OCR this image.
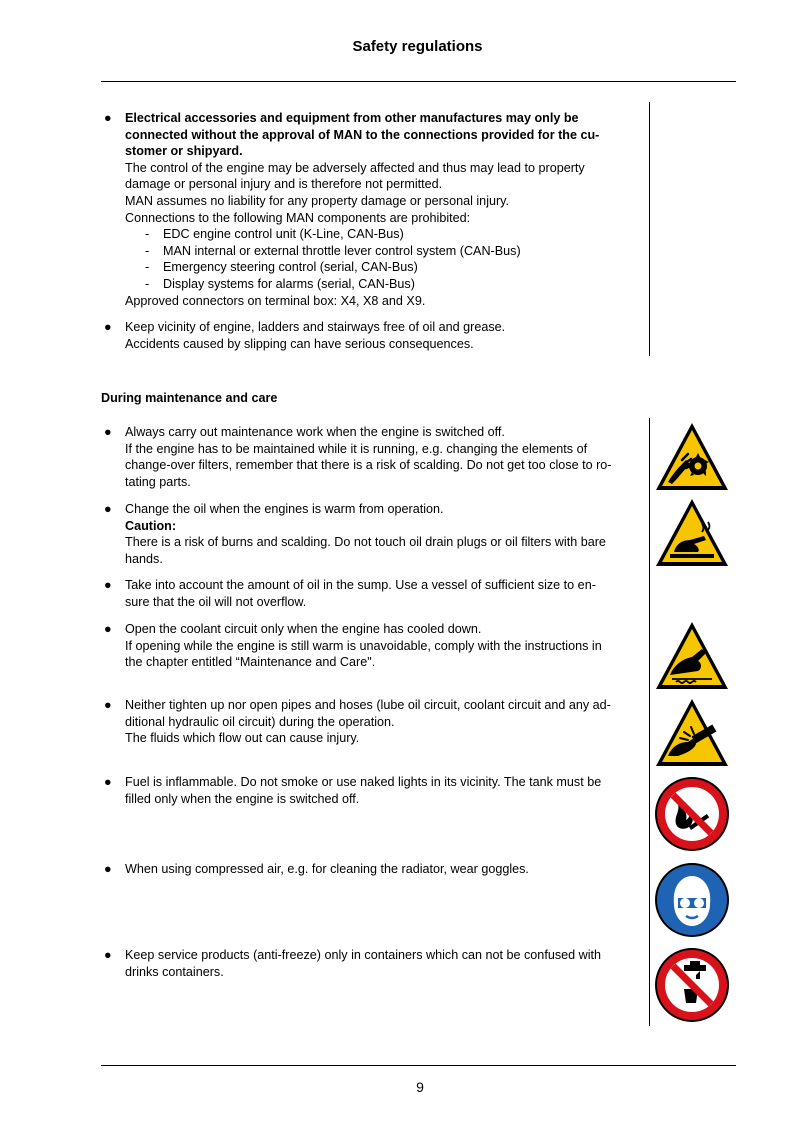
Safety regulations
● Electrical accessories and equipment from other manufactures may only be
connected without the approval of MAN to the connections provided for the cu-
stomer or shipyard.
The control of the engine may be adversely affected and thus may lead to property
damage or personal injury and is therefore not permitted.
MAN assumes no liability for any property damage or personal injury.
Connections to the following MAN components are prohibited:
- EDC engine control unit (K-Line, CAN-Bus)
- MAN internal or external throttle lever control system (CAN-Bus)
- Emergency steering control (serial, CAN-Bus)
- Display systems for alarms (serial, CAN-Bus)
Approved connectors on terminal box: X4, X8 and X9.
● Keep vicinity of engine, ladders and stairways free of oil and grease.
Accidents caused by slipping can have serious consequences.
During maintenance and care
● Always carry out maintenance work when the engine is switched off.
If the engine has to be maintained while it is running, e.g. changing the elements of
change-over filters, remember that there is a risk of scalding. Do not get too close to ro-
tating parts.
● Change the oil when the engines is warm from operation.
Caution:
There is a risk of burns and scalding. Do not touch oil drain plugs or oil filters with bare
hands.
● Take into account the amount of oil in the sump. Use a vessel of sufficient size to en-
sure that the oil will not overflow.
● Open the coolant circuit only when the engine has cooled down.
If opening while the engine is still warm is unavoidable, comply with the instructions in
the chapter entitled “Maintenance and Care".
● Neither tighten up nor open pipes and hoses (lube oil circuit, coolant circuit and any ad-
ditional hydraulic oil circuit) during the operation.
The fluids which flow out can cause injury.
● Fuel is inflammable. Do not smoke or use naked lights in its vicinity. The tank must be
filled only when the engine is switched off.
● When using compressed air, e.g. for cleaning the radiator, wear goggles.
● Keep service products (anti-freeze) only in containers which can not be confused with
drinks containers.
9
